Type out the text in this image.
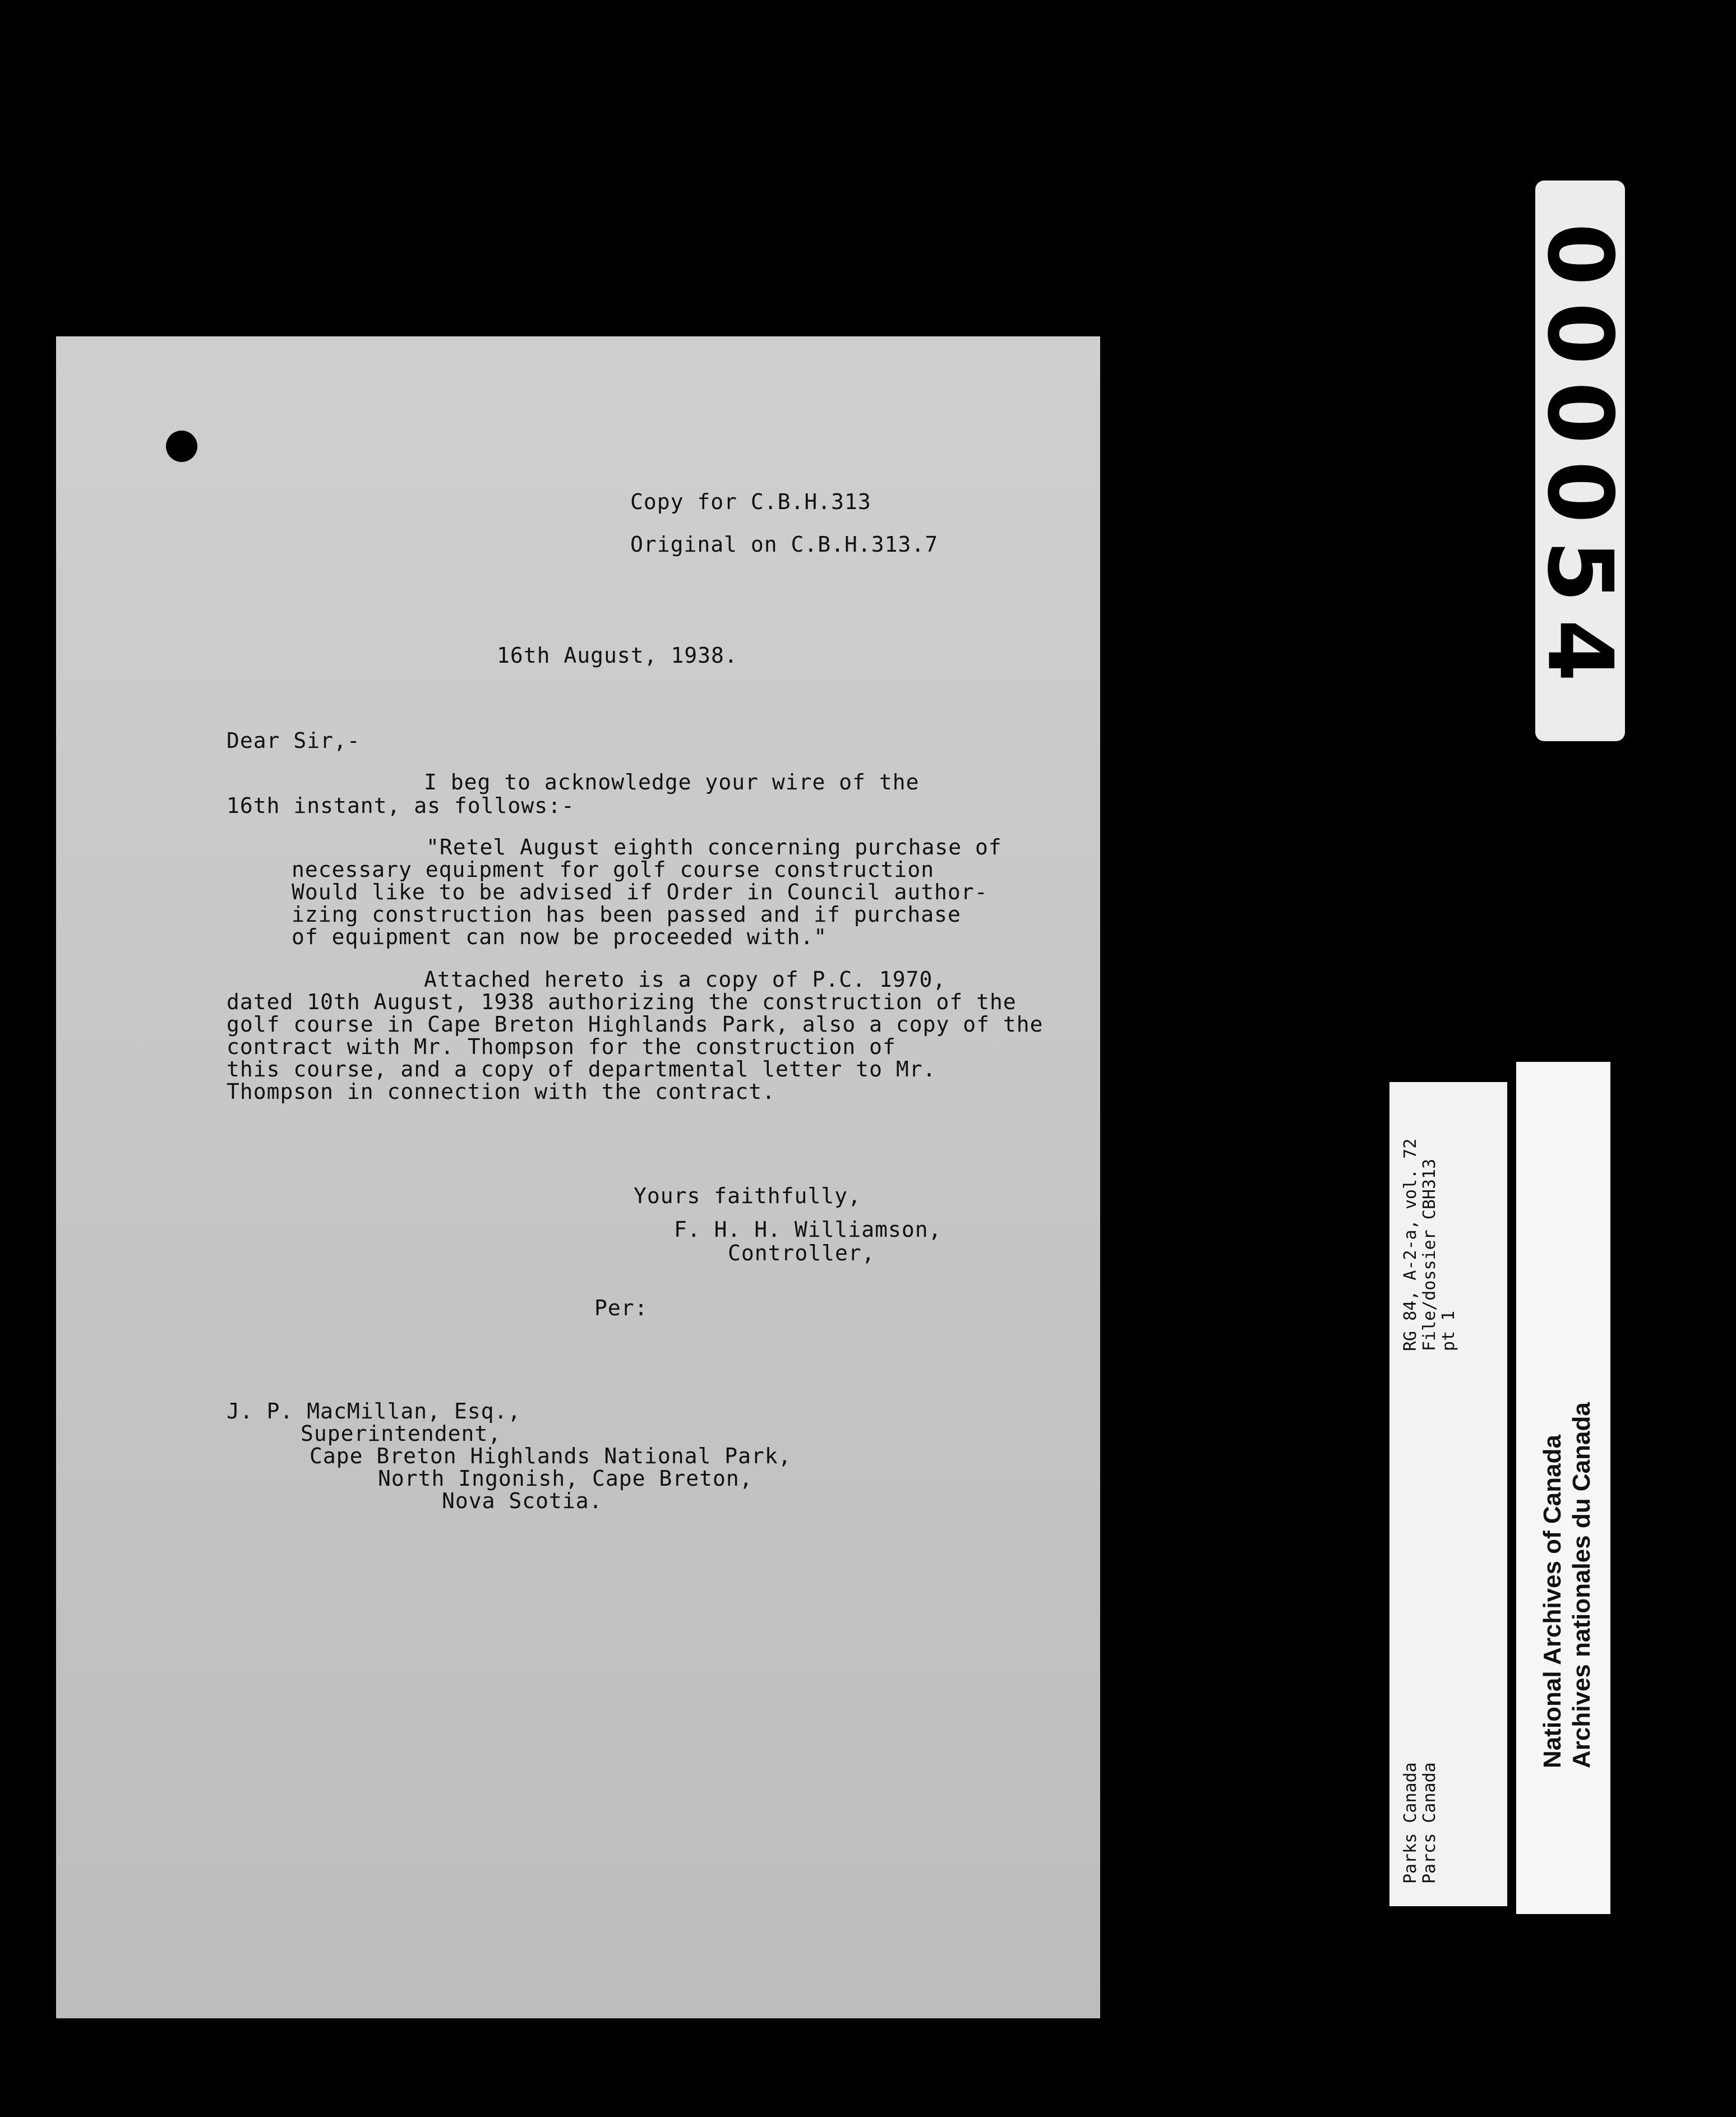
Copy for C.B.H.313
Original on C.B.H.313.7
16th August, 1938.
Dear Sir,-
I beg to acknowledge your wire of the
16th instant, as follows:-
"Retel August eighth concerning purchase of
necessary equipment for golf course construction
Would like to be advised if Order in Council author-
izing construction has been passed and if purchase
of equipment can now be proceeded with."
Attached hereto is a copy of P.C. 1970,
dated 10th August, 1938 authorizing the construction of the
golf course in Cape Breton Highlands Park, also a copy of the
contract with Mr. Thompson for the construction of
this course, and a copy of departmental letter to Mr.
Thompson in connection with the contract.
Yours faithfully,
F. H. H. Williamson,
Controller,
Per:
J. P. MacMillan, Esq.,
Superintendent,
Cape Breton Highlands National Park,
North Ingonish, Cape Breton,
Nova Scotia.
000054
RG 84, A-2-a, vol. 72 File/dossier CBH313 pt 1
Parks Canada Parcs Canada
National Archives of Canada Archives nationales du Canada
